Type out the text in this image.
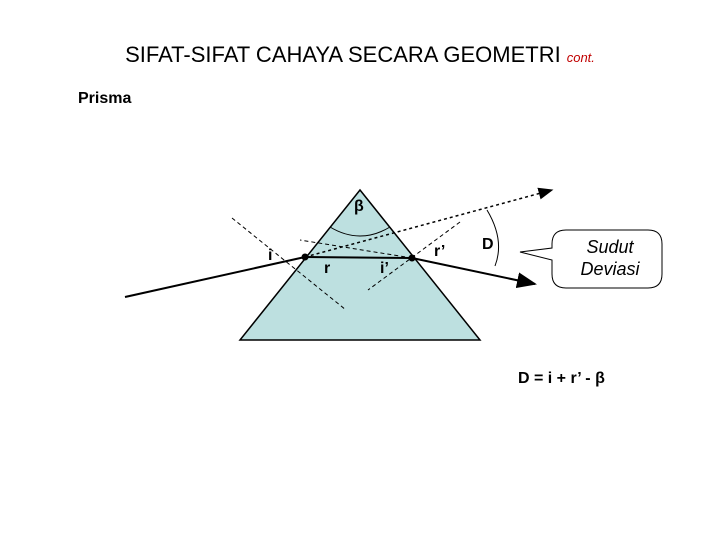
SIFAT-SIFAT CAHAYA SECARA GEOMETRI cont.
Prisma
β
i
r	i’
r’ D	Sudut
Deviasi
D = i + r’ - β
